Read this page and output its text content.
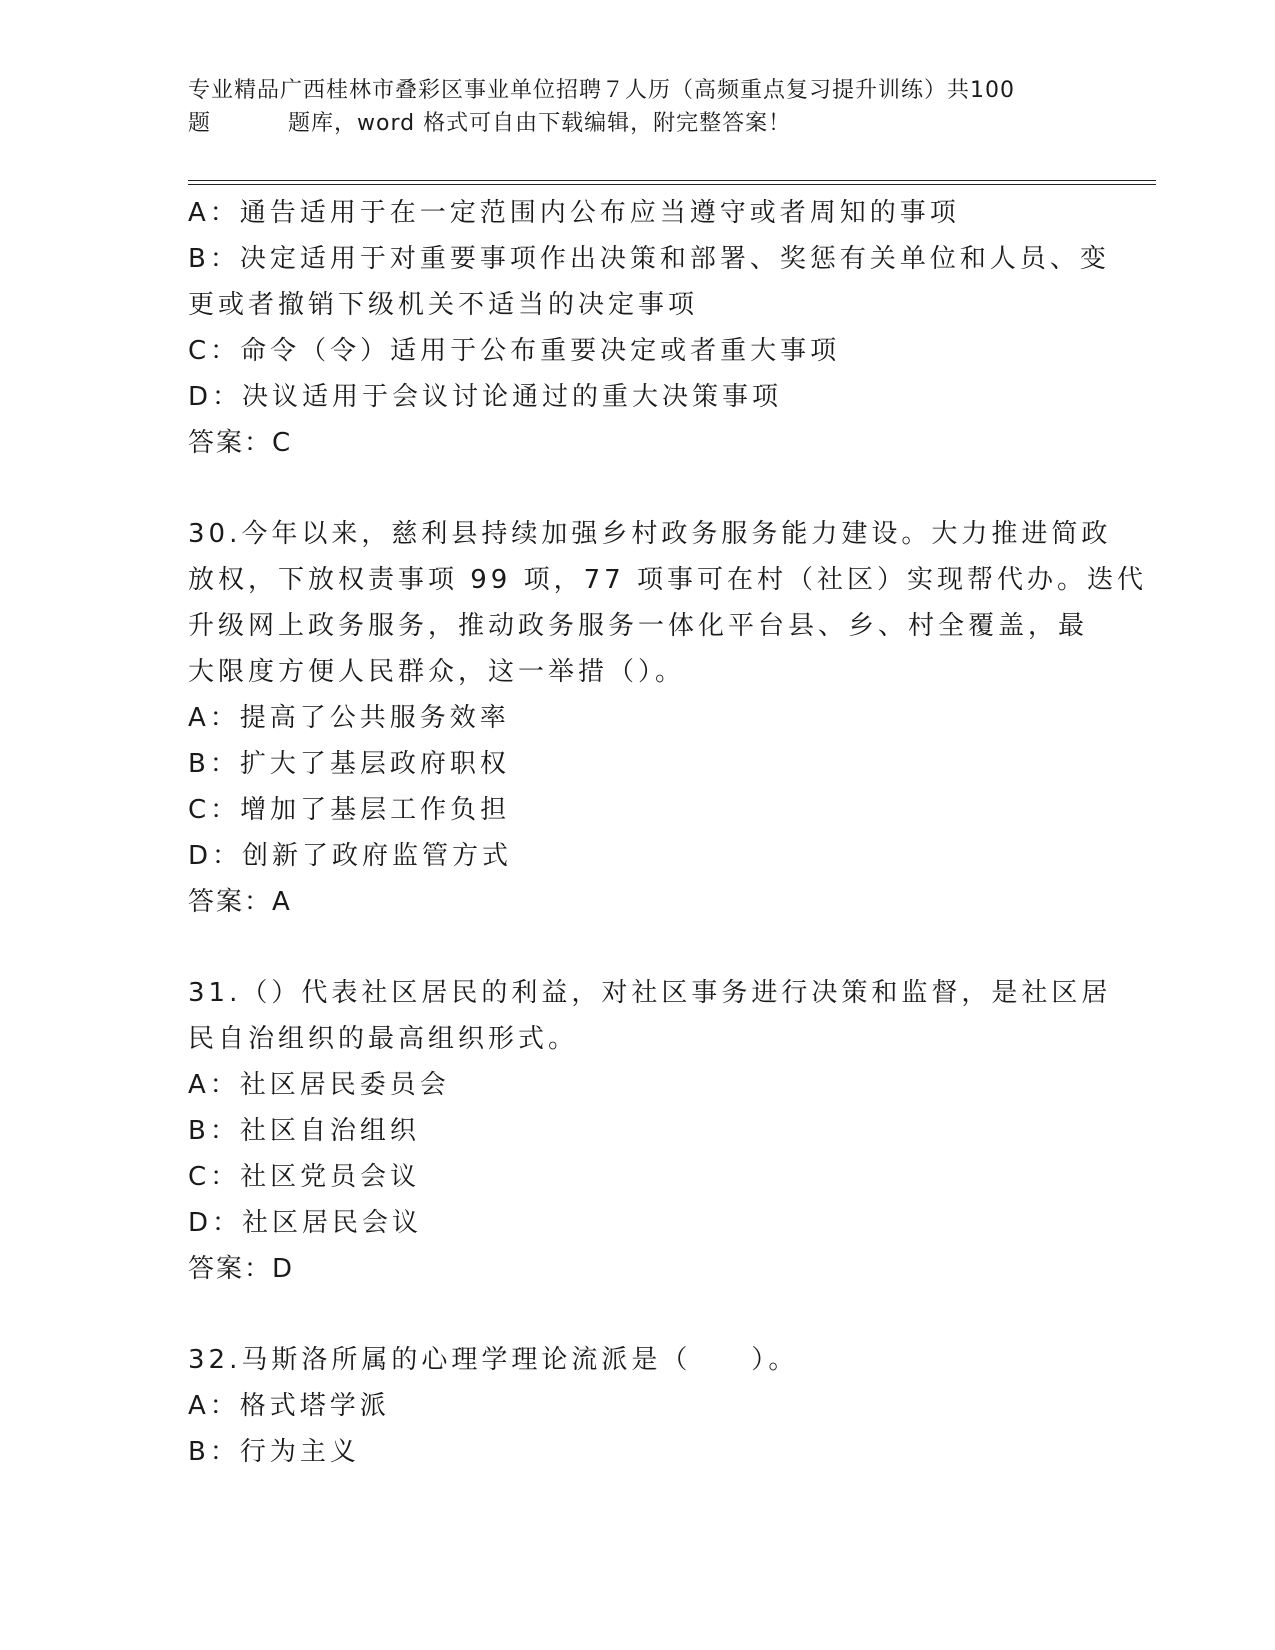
专业精品广西桂林市叠彩区事业单位招聘７人历（高频重点复习提升训练）共100
题	题库，word 格式可自由下载编辑，附完整答案！
A：通告适用于在一定范围内公布应当遵守或者周知的事项
B：决定适用于对重要事项作出决策和部署、奖惩有关单位和人员、变
更或者撤销下级机关不适当的决定事项
C：命令（令）适用于公布重要决定或者重大事项
D：决议适用于会议讨论通过的重大决策事项
答案：C
30.今年以来，慈利县持续加强乡村政务服务能力建设。大力推进简政
放权，下放权责事项 99 项，77 项事可在村（社区）实现帮代办。迭代
升级网上政务服务，推动政务服务一体化平台县、乡、村全覆盖，最
大限度方便人民群众，这一举措（）。
A：提高了公共服务效率
B：扩大了基层政府职权
C：增加了基层工作负担
D：创新了政府监管方式
答案：A
31.（）代表社区居民的利益，对社区事务进行决策和监督，是社区居
民自治组织的最高组织形式。
A：社区居民委员会
B：社区自治组织
C：社区党员会议
D：社区居民会议
答案：D
32.马斯洛所属的心理学理论流派是（　　）。
A：格式塔学派
B：行为主义
